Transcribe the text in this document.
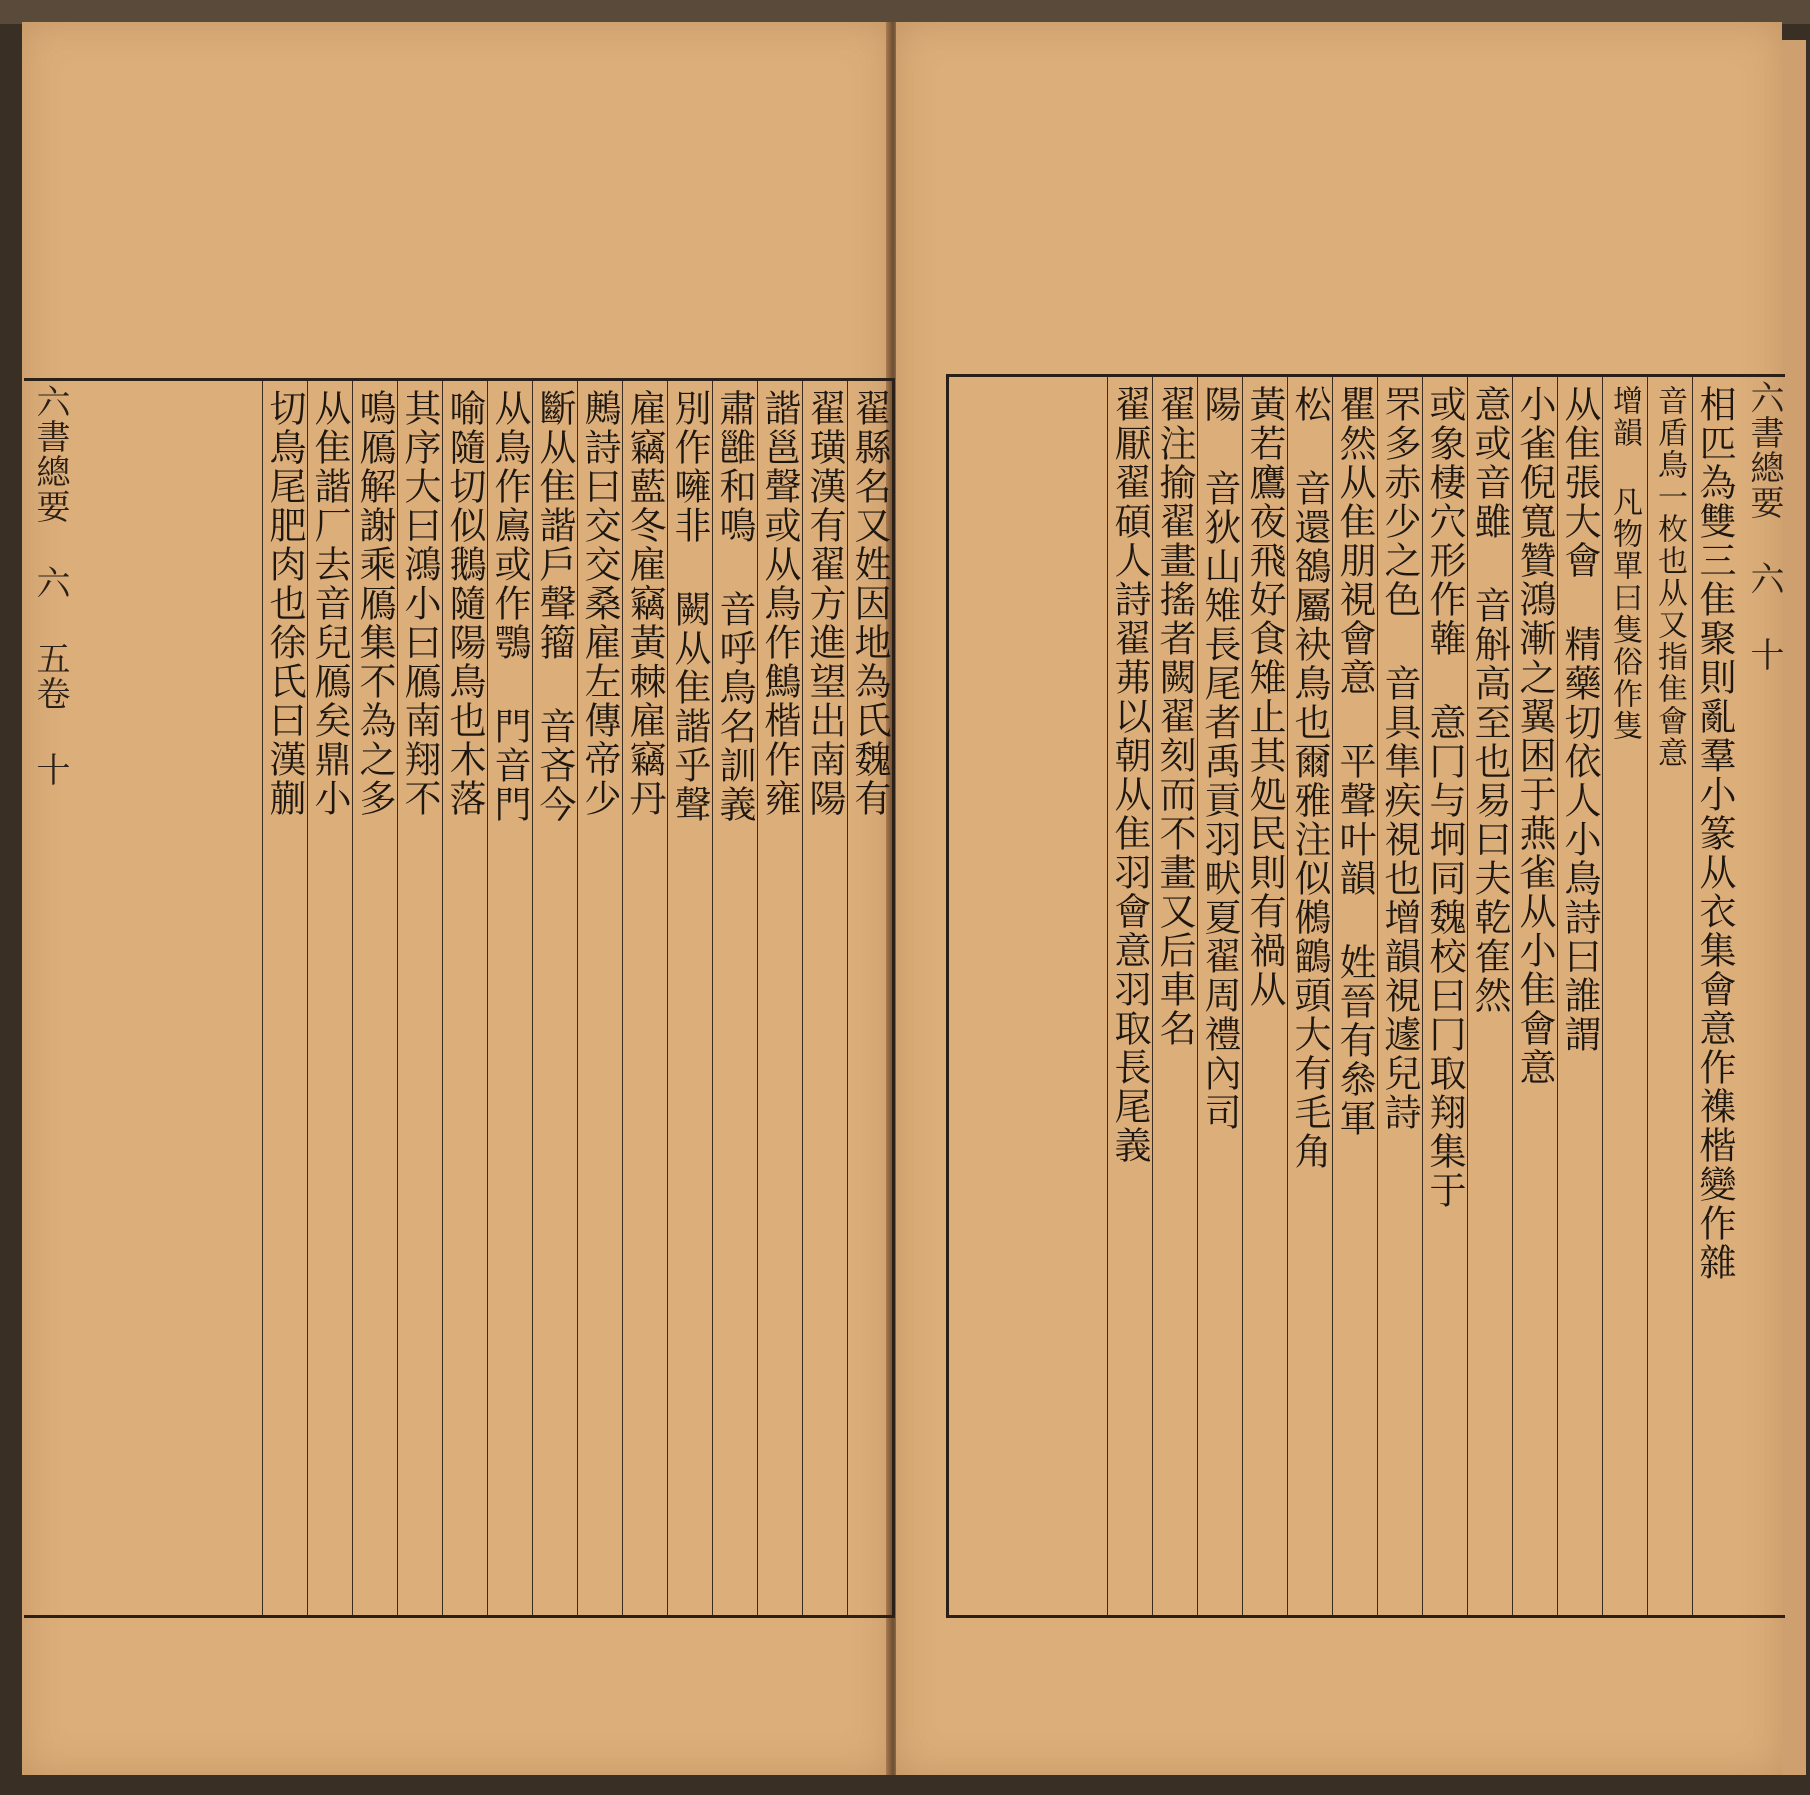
翟縣名又姓因地為氏魏有
翟璜漢有翟方進望出南陽
諧邕聲或从鳥作鷦楷作雍
肅雝和鳴 音呼鳥名訓義
別作噰非 闕从隹諧乎聲
雇竊藍冬雇竊黃棘雇竊丹
鶊詩曰交交桑雇左傳帝少
斷从隹諧戶聲籀 音吝今
从鳥作鳸或作鶚 門音門
喻隨切似鵝隨陽鳥也木落
其序大曰鴻小曰鴈南翔不
鳴鴈解謝乘鴈集不為之多
从隹諧厂去音兒鴈矣鼎小
切鳥尾肥肉也徐氏曰漢蒯
六書總要 六 五卷 十	相匹為雙三隹聚則亂羣小篆从衣集會意作襍楷變作雜
音盾鳥一枚也从又指隹會意
增韻 凡物單曰隻俗作隻
从隹張大會 精藥切依人小鳥詩曰誰謂
小雀倪寬贊鴻漸之翼困于燕雀从小隹會意
意或音雖 音斛高至也易曰夫乾隺然
或象棲穴形作雗 意冂与坰同魏校曰冂取翔集于
罘多赤少之色 音具隼疾視也增韻視遽兒詩
瞿然从隹朋視會意 平聲叶韻 姓晉有叅軍
松 音還鵅屬袂鳥也爾雅注似鵂鶹頭大有毛角
黃若鷹夜飛好食雉止其処民則有禍从
陽 音狄山雉長尾者禹貢羽畎夏翟周禮內司
翟注揄翟畫搖者闕翟刻而不畫又后車名
翟厭翟碩人詩翟茀以朝从隹羽會意羽取長尾義	六書總要 六 十
